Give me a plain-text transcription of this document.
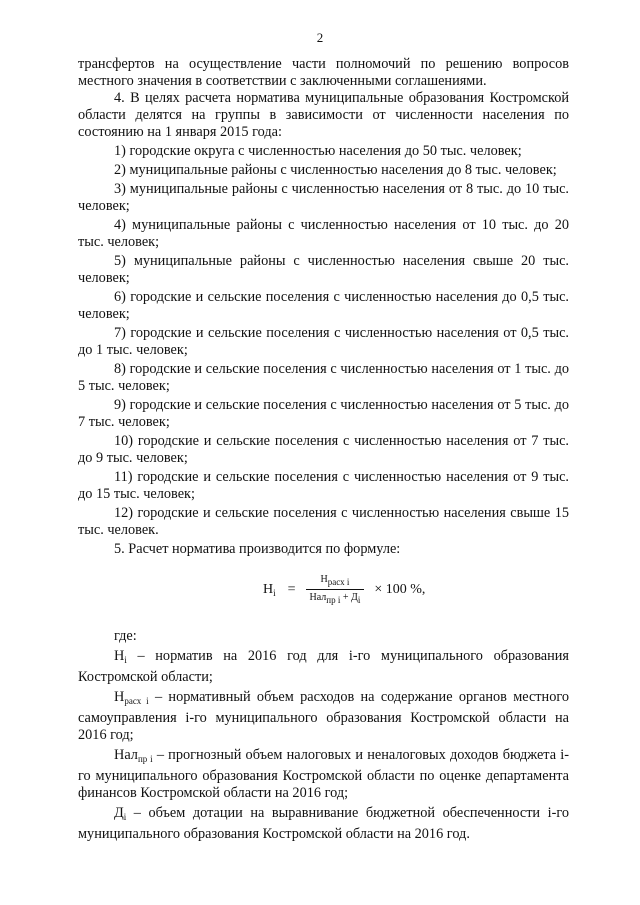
2

трансфертов на осуществление части полномочий по решению вопросов местного значения в соответствии с заключенными соглашениями.

4. В целях расчета норматива муниципальные образования Костромской области делятся на группы в зависимости от численности населения по состоянию на 1 января 2015 года:

1) городские округа с численностью населения до 50 тыс. человек;

2) муниципальные районы с численностью населения до 8 тыс. человек;

3) муниципальные районы с численностью населения от 8 тыс. до 10 тыс. человек;

4) муниципальные районы с численностью населения от 10 тыс. до 20 тыс. человек;

5) муниципальные районы с численностью населения свыше 20 тыс. человек;

6) городские и сельские поселения с численностью населения до 0,5 тыс. человек;

7) городские и сельские поселения с численностью населения от 0,5 тыс. до 1 тыс. человек;

8) городские и сельские поселения с численностью населения от 1 тыс. до 5 тыс. человек;

9) городские и сельские поселения с численностью населения от 5 тыс. до 7 тыс. человек;

10) городские и сельские поселения с численностью населения от 7 тыс. до 9 тыс. человек;

11) городские и сельские поселения с численностью населения от 9 тыс. до 15 тыс. человек;

12) городские и сельские поселения с численностью населения свыше 15 тыс. человек.

5. Расчет норматива производится по формуле:

$Н_i = \frac{Н_{расх i}}{Нал_{пр i} + Д_i} \times 100$ %,

где:

$Н_i$ – норматив на 2016 год для i-го муниципального образования Костромской области;

$Н_{расх i}$ – нормативный объем расходов на содержание органов местного самоуправления i-го муниципального образования Костромской области на 2016 год;

Нал$_{пр i}$ – прогнозный объем налоговых и неналоговых доходов бюджета i-го муниципального образования Костромской области по оценке департамента финансов Костромской области на 2016 год;

$Д_i$ – объем дотации на выравнивание бюджетной обеспеченности i-го муниципального образования Костромской области на 2016 год.
